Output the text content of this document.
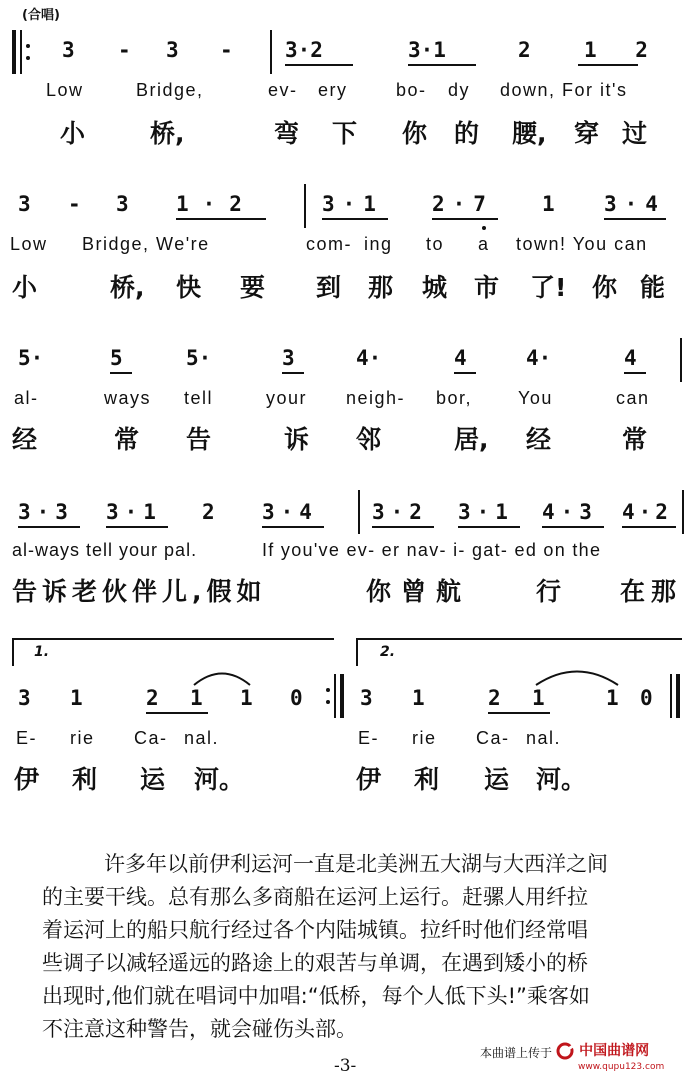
(合唱)
3 - 3 - 3·2	3·1	2	1 2
Low	Bridge,	ev- ery	bo- dy down, For it's
小	桥,	弯 下 你 的 腰, 穿 过
3 - 3 1·2	3·1 2·7 1 3·4
Low Bridge, We're	com- ing to a town! You can
小	桥, 快 要 到 那 城 市 了! 你 能
5·	5	5·	3	4·	4	4·	4
al-	ways tell	your neigh- bor,	You	can
经	常 告	诉 邻	居, 经	常
3·3 3·1 2 3·4	3·2 3·1 4·3 4·2
al-ways tell your pal.	If you've ev- er nav- i- gat- ed on the
告诉老伙伴儿,假如	你曾航	行 在那
1.
3 1	2 1 1 0
E- rie Ca- nal.
伊 利 运 河。
2.
3 1	2 1	1 0
E- rie Ca- nal.
伊 利 运 河。

许多年以前伊利运河一直是北美洲五大湖与大西洋之间

的主要干线。总有那么多商船在运河上运行。赶骡人用纤拉

着运河上的船只航行经过各个内陆城镇。拉纤时他们经常唱

些调子以减轻遥远的路途上的艰苦与单调，在遇到矮小的桥

出现时,他们就在唱词中加唱:“低桥，每个人低下头!”乘客如

不注意这种警告，就会碰伤头部。

本曲谱上传于	中国曲谱网
www.qupu123.com
-3-
